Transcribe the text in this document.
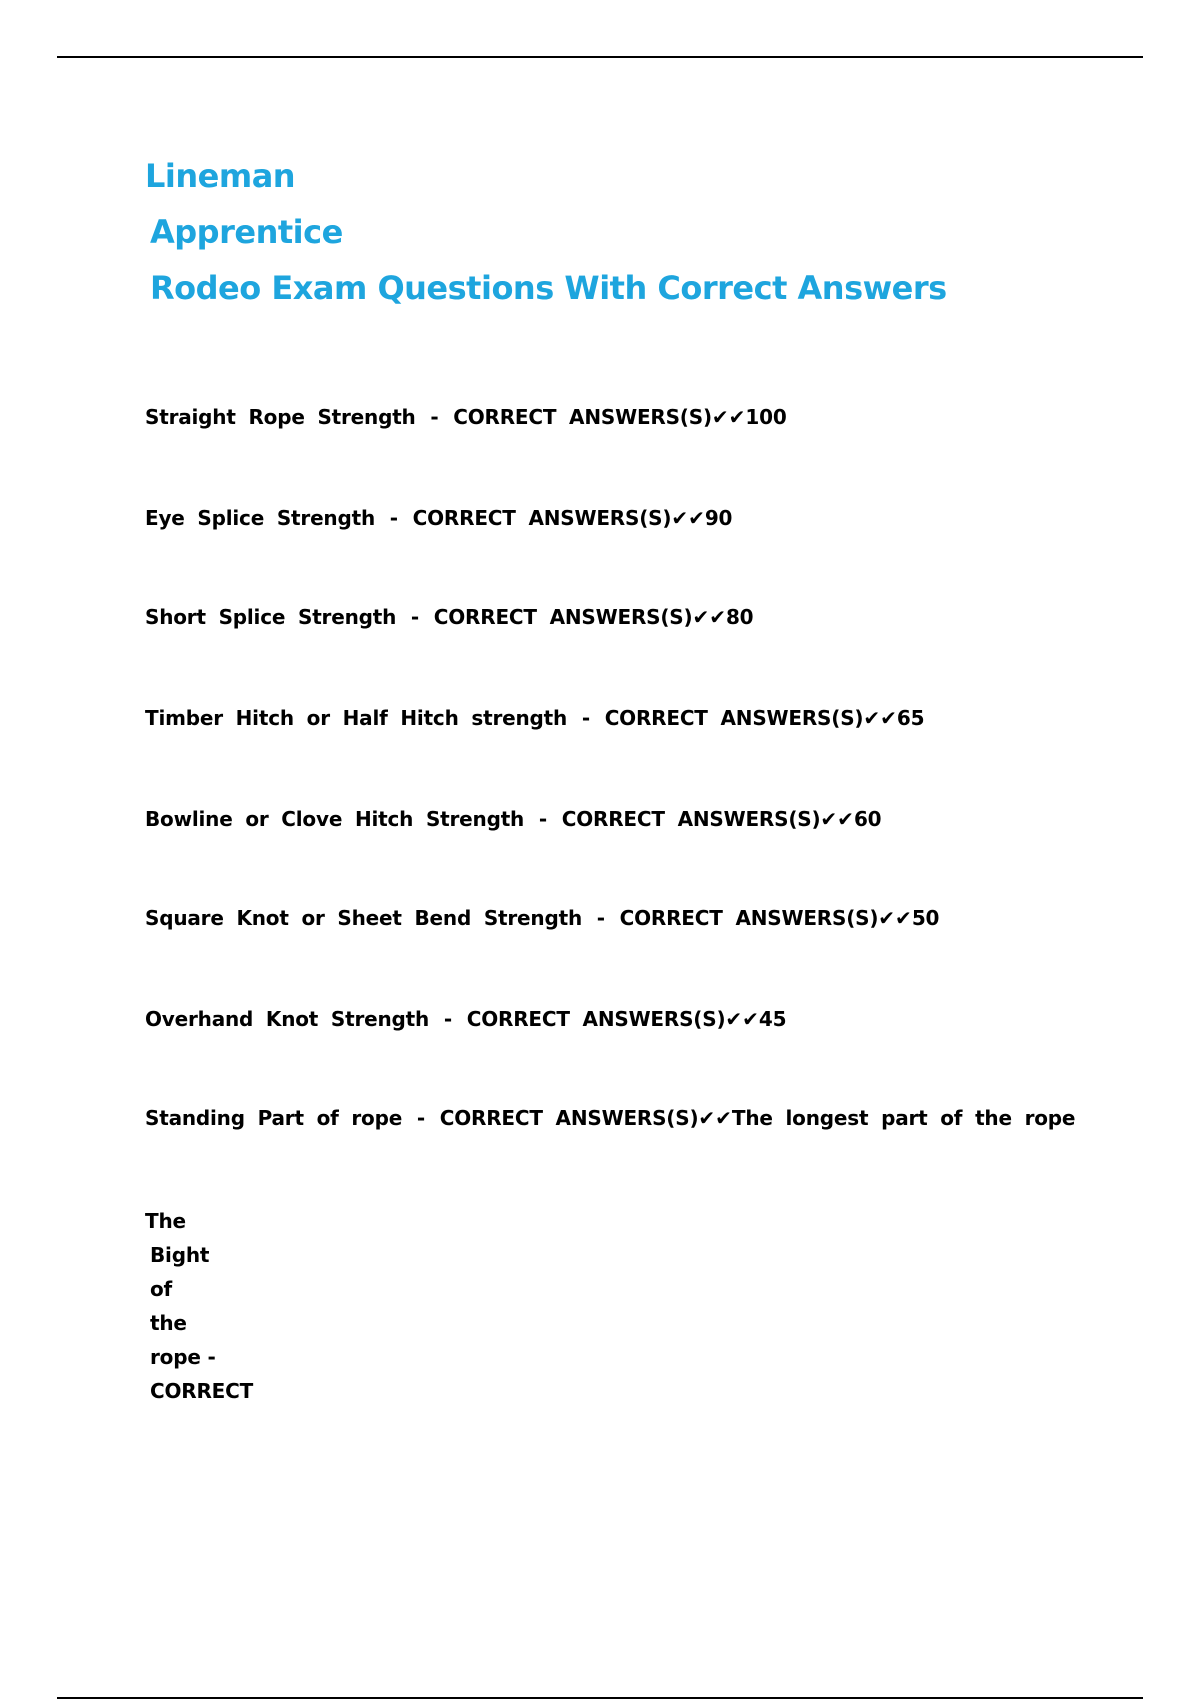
Lineman
Apprentice
Rodeo Exam Questions With Correct Answers
Straight Rope Strength - CORRECT ANSWERS(S)✔✔100
Eye Splice Strength - CORRECT ANSWERS(S)✔✔90
Short Splice Strength - CORRECT ANSWERS(S)✔✔80
Timber Hitch or Half Hitch strength - CORRECT ANSWERS(S)✔✔65
Bowline or Clove Hitch Strength - CORRECT ANSWERS(S)✔✔60
Square Knot or Sheet Bend Strength - CORRECT ANSWERS(S)✔✔50
Overhand Knot Strength - CORRECT ANSWERS(S)✔✔45
Standing Part of rope - CORRECT ANSWERS(S)✔✔The longest part of the rope
The
Bight
of
the
rope -
CORRECT
